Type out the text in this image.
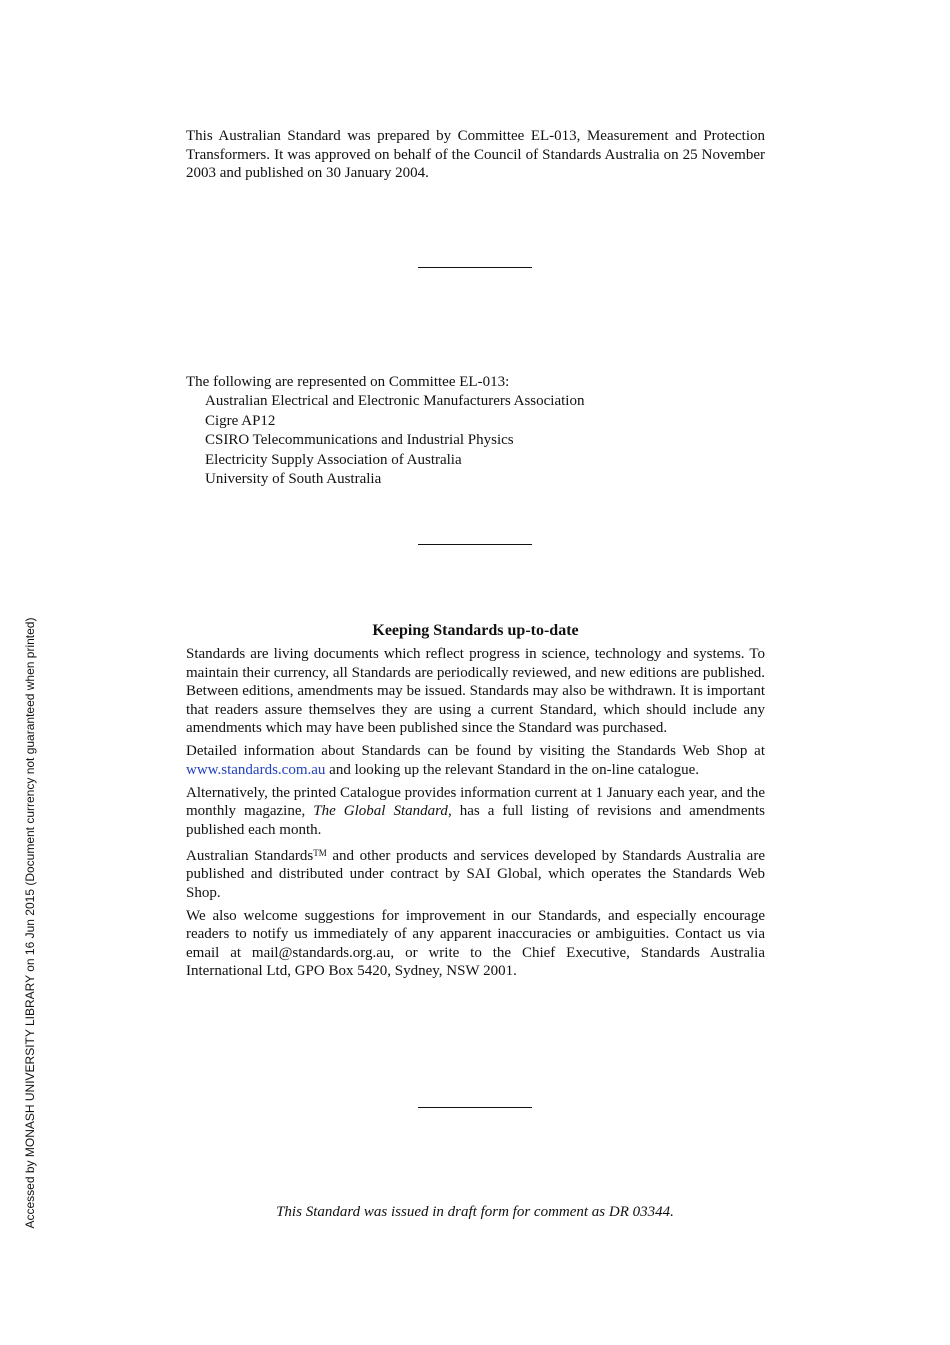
This Australian Standard was prepared by Committee EL-013, Measurement and Protection Transformers. It was approved on behalf of the Council of Standards Australia on 25 November 2003 and published on 30 January 2004.
The following are represented on Committee EL-013:
Australian Electrical and Electronic Manufacturers Association
Cigre AP12
CSIRO Telecommunications and Industrial Physics
Electricity Supply Association of Australia
University of South Australia
Keeping Standards up-to-date

Standards are living documents which reflect progress in science, technology and systems. To maintain their currency, all Standards are periodically reviewed, and new editions are published. Between editions, amendments may be issued. Standards may also be withdrawn. It is important that readers assure themselves they are using a current Standard, which should include any amendments which may have been published since the Standard was purchased.

Detailed information about Standards can be found by visiting the Standards Web Shop at www.standards.com.au and looking up the relevant Standard in the on-line catalogue.

Alternatively, the printed Catalogue provides information current at 1 January each year, and the monthly magazine, The Global Standard, has a full listing of revisions and amendments published each month.

Australian Standards™ and other products and services developed by Standards Australia are published and distributed under contract by SAI Global, which operates the Standards Web Shop.

We also welcome suggestions for improvement in our Standards, and especially encourage readers to notify us immediately of any apparent inaccuracies or ambiguities. Contact us via email at mail@standards.org.au, or write to the Chief Executive, Standards Australia International Ltd, GPO Box 5420, Sydney, NSW 2001.

This Standard was issued in draft form for comment as DR 03344.
Accessed by MONASH UNIVERSITY LIBRARY on 16 Jun 2015 (Document currency not guaranteed when printed)
